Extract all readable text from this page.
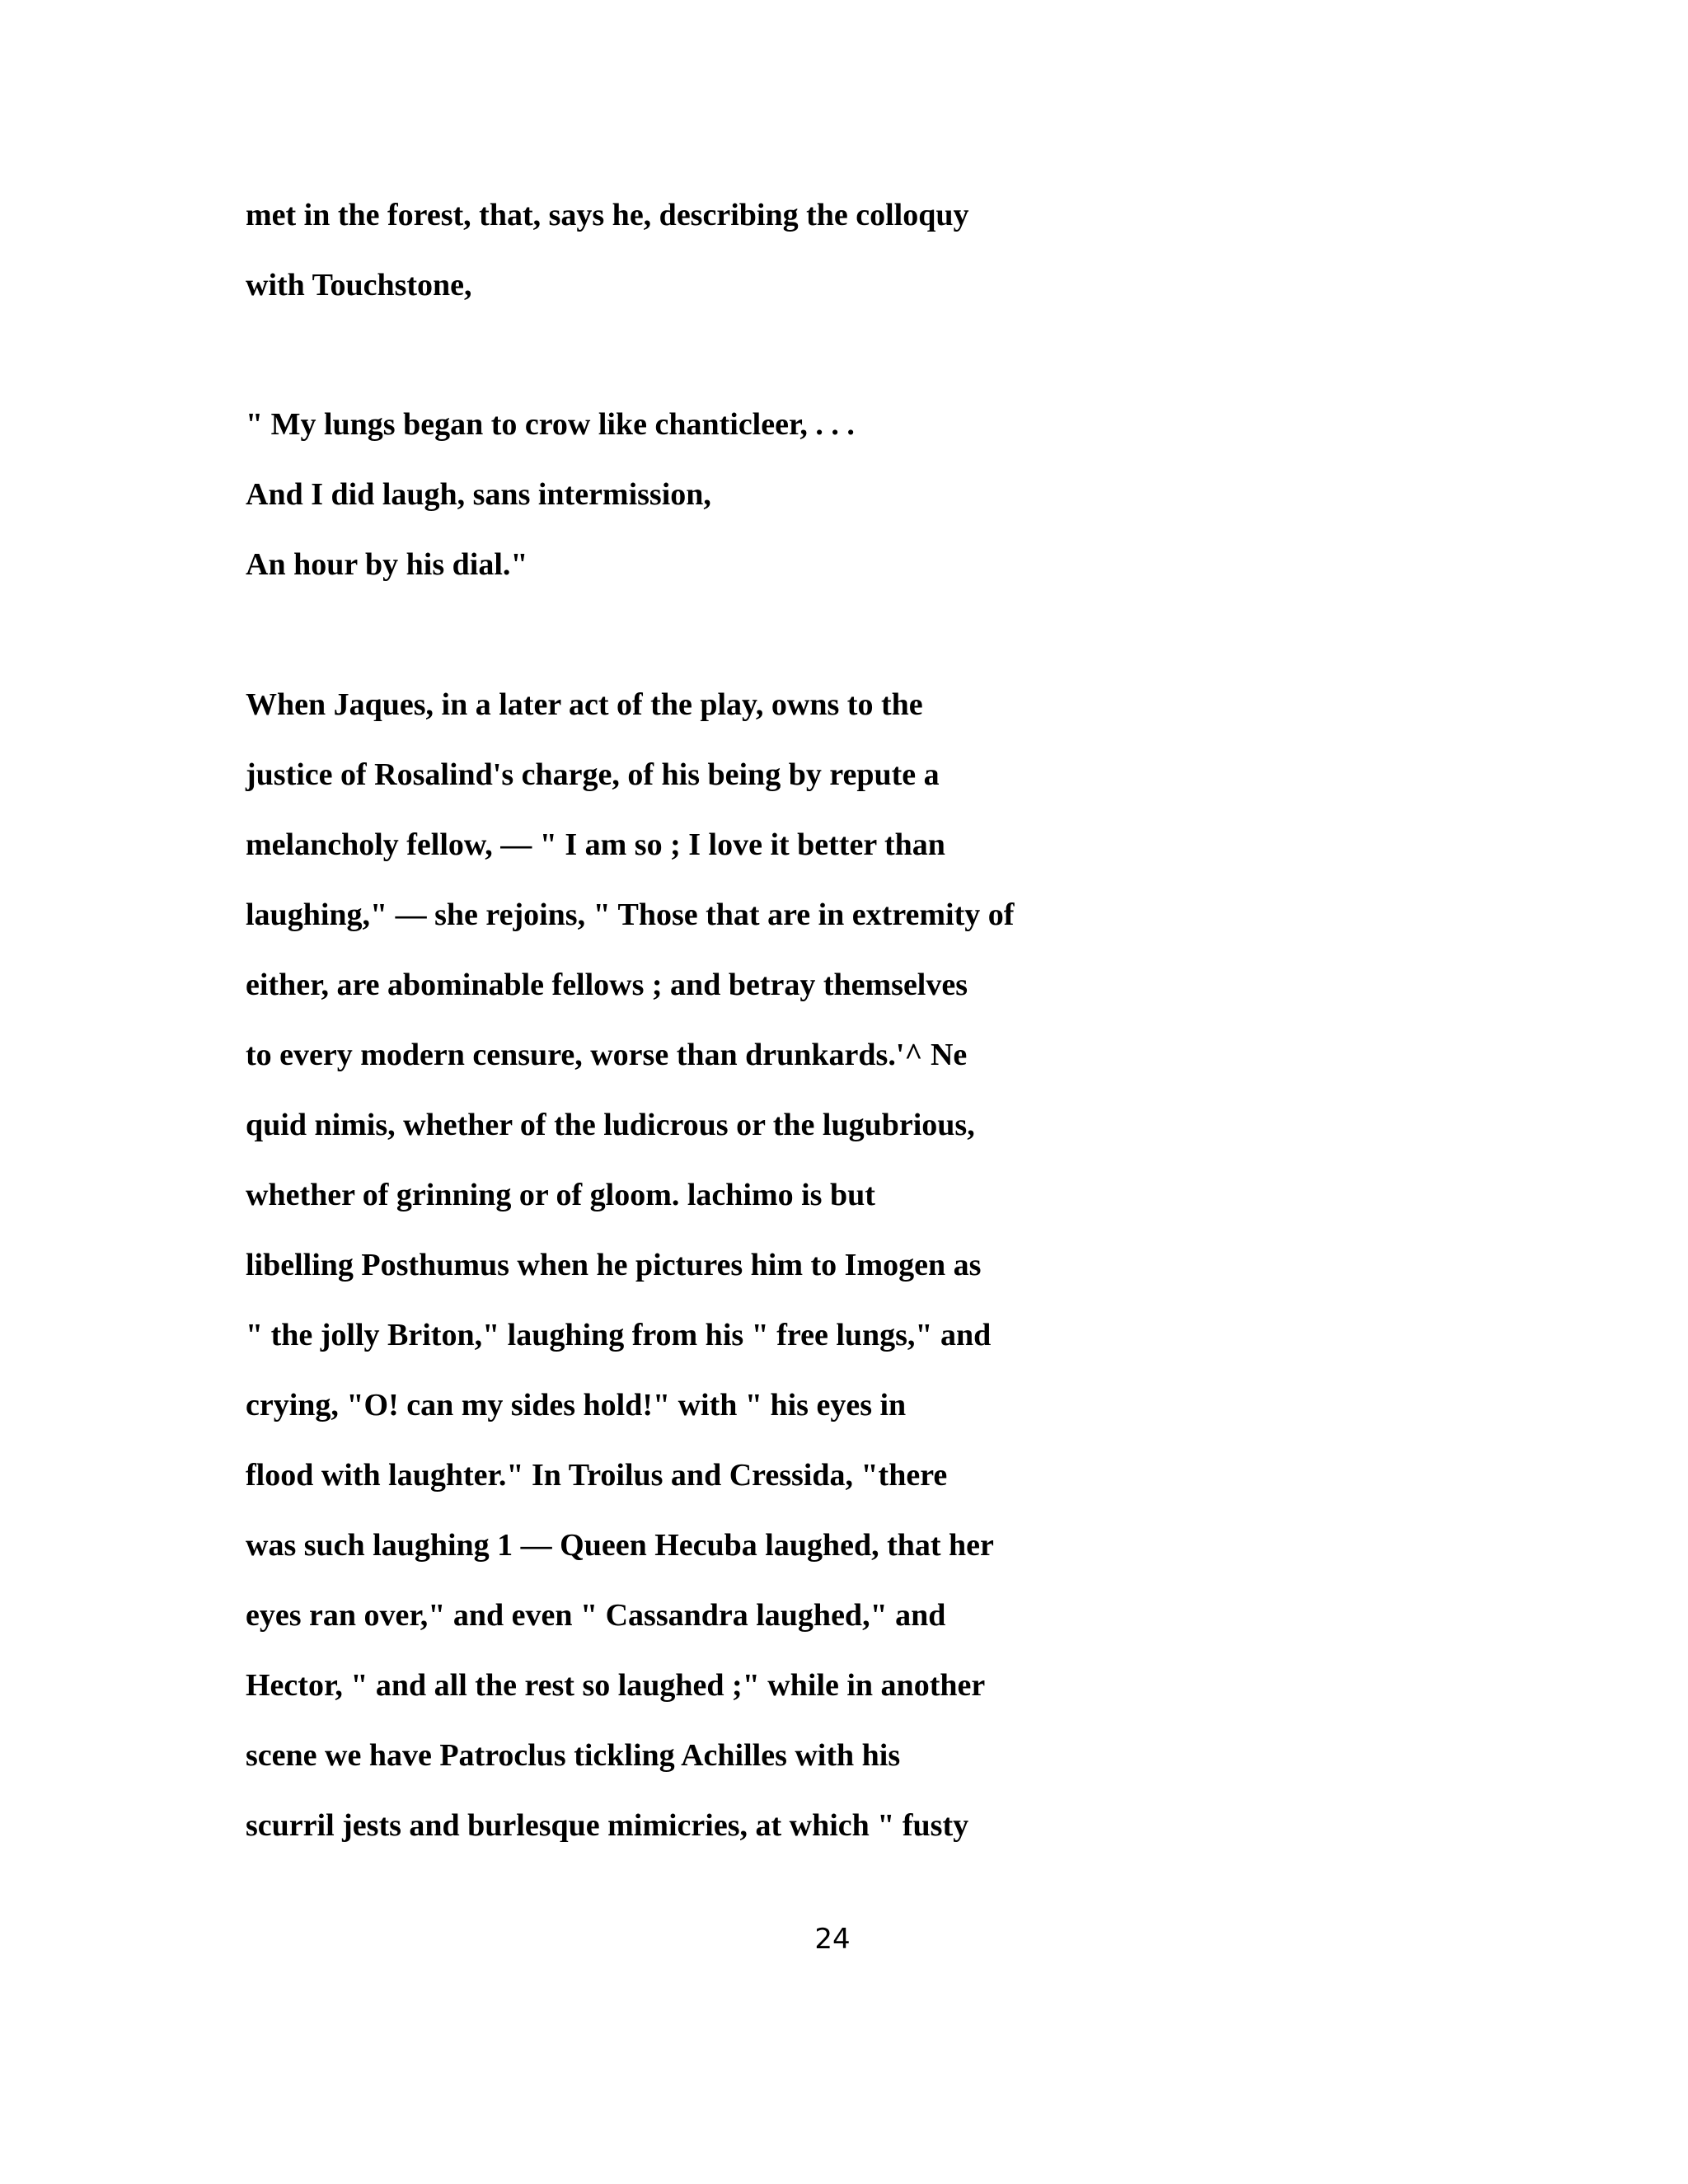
met in the forest, that, says he, describing the colloquy

with Touchstone,

" My lungs began to crow like chanticleer, . . .

And I did laugh, sans intermission,

An hour by his dial."

When Jaques, in a later act of the play, owns to the

justice of Rosalind's charge, of his being by repute a

melancholy fellow, — " I am so ; I love it better than

laughing," — she rejoins, " Those that are in extremity of

either, are abominable fellows ; and betray themselves

to every modern censure, worse than drunkards.'^ Ne

quid nimis, whether of the ludicrous or the lugubrious,

whether of grinning or of gloom. lachimo is but

libelling Posthumus when he pictures him to Imogen as

" the jolly Briton," laughing from his " free lungs," and

crying, "O! can my sides hold!" with " his eyes in

flood with laughter." In Troilus and Cressida, "there

was such laughing 1 — Queen Hecuba laughed, that her

eyes ran over," and even " Cassandra laughed," and

Hector, " and all the rest so laughed ;" while in another

scene we have Patroclus tickling Achilles with his

scurril jests and burlesque mimicries, at which " fusty

24
